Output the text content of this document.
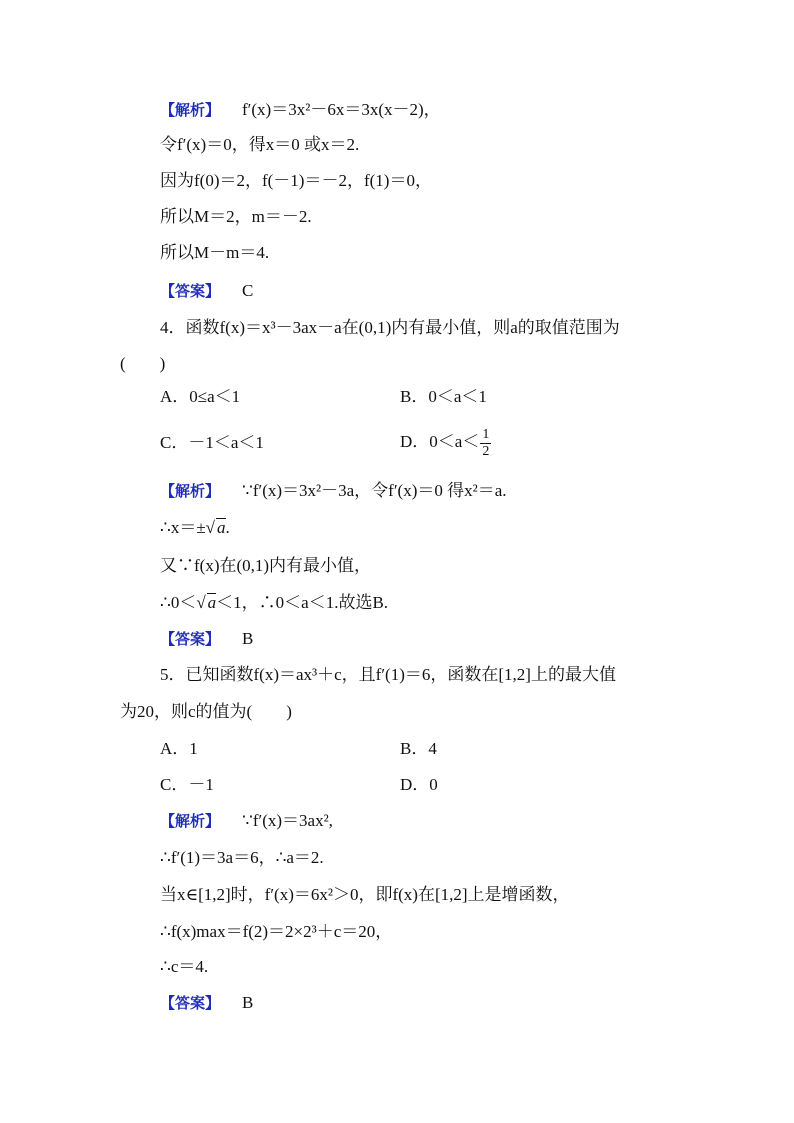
【解析】 f′(x)＝3x²－6x＝3x(x－2)，
令f′(x)＝0，得x＝0 或x＝2.
因为f(0)＝2，f(－1)＝－2，f(1)＝0，
所以M＝2，m＝－2.
所以M－m＝4.
【答案】 C
4．函数f(x)＝x³－3ax－a在(0,1)内有最小值，则a的取值范围为
(　　)
A．0≤a＜1	B．0＜a＜1
C．－1＜a＜1	D．$0<a< \frac{1}{2}$
【解析】 ∵f′(x)＝3x²－3a，令f′(x)＝0 得x²＝a.
∴x＝±√ a.
又∵f(x)在(0,1)内有最小值，
∴0＜√ a＜1，∴0＜a＜1.故选B.
【答案】 B
5．已知函数f(x)＝ax³＋c，且f′(1)＝6，函数在[1,2]上的最大值
为20，则c的值为(　　)
A．1	B．4
C．－1	D．0
【解析】 ∵f′(x)＝3ax²,
∴f′(1)＝3a＝6，∴a＝2.
当x∈[1,2]时，f′(x)＝6x²＞0，即f(x)在[1,2]上是增函数，
∴f(x)max＝f(2)＝2×2³＋c＝20，
∴c＝4.
【答案】 B
